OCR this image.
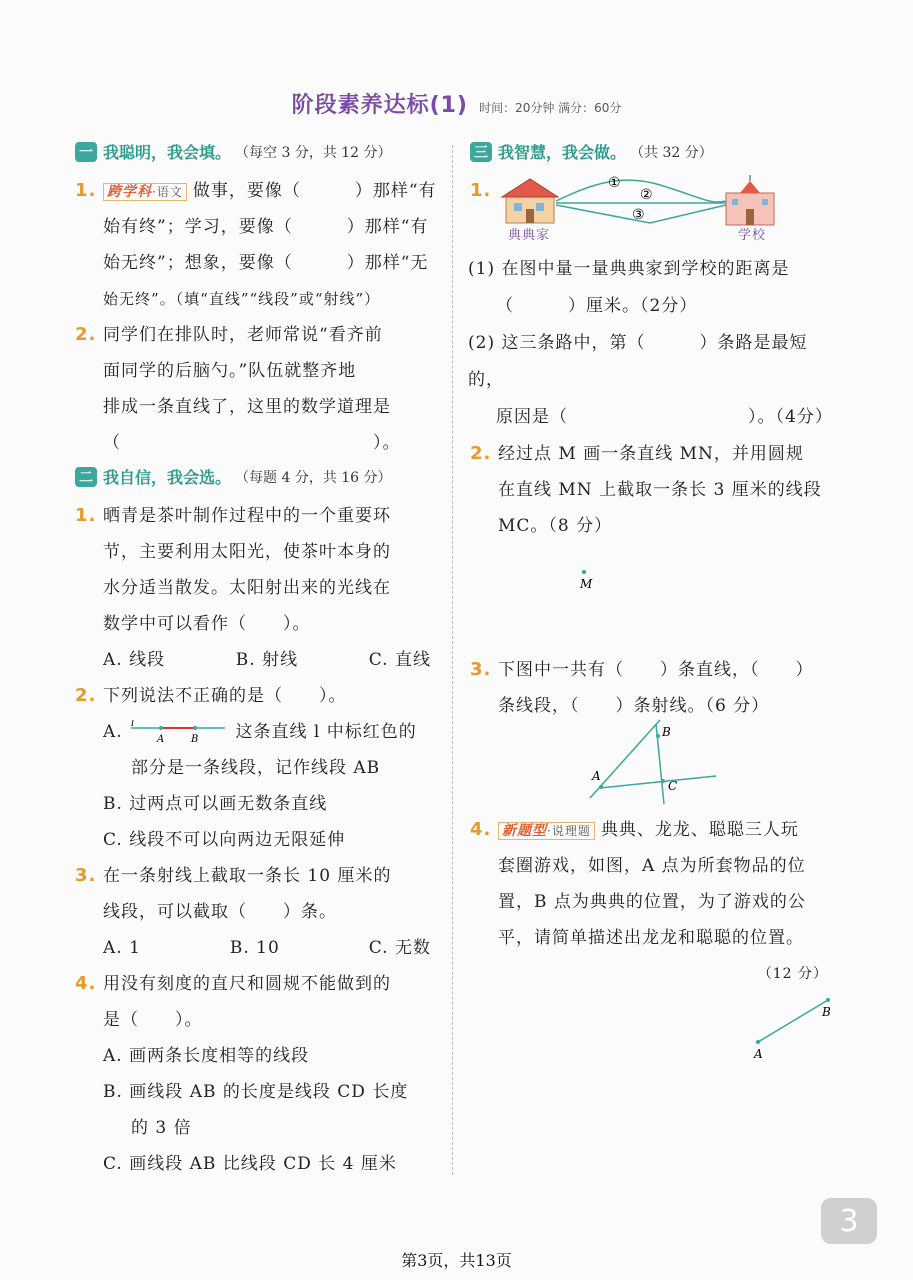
阶段素养达标(1) 时间：20分钟 满分：60分
一 我聪明，我会填。 （每空 3 分，共 12 分）
1. 跨学科·语文 做事，要像（　　　）那样“有
始有终”；学习，要像（　　　）那样“有
始无终”；想象，要像（　　　）那样“无
始无终”。（填“直线”“线段”或“射线”）
2. 同学们在排队时，老师常说“看齐前
面同学的后脑勺。”队伍就整齐地
排成一条直线了，这里的数学道理是
（　　　　　　　　　　　　　　）。
二 我自信，我会选。 （每题 4 分，共 16 分）
1. 晒青是茶叶制作过程中的一个重要环
节，主要利用太阳光，使茶叶本身的
水分适当散发。太阳射出来的光线在
数学中可以看作（　　）。
A. 线段	B. 射线	C. 直线
2. 下列说法不正确的是（　　）。
A. l
A	B 这条直线 l 中标红色的
部分是一条线段，记作线段 AB
B. 过两点可以画无数条直线
C. 线段不可以向两边无限延伸
3. 在一条射线上截取一条长 10 厘米的
线段，可以截取（　　）条。
A. 1	B. 10	C. 无数
4. 用没有刻度的直尺和圆规不能做到的
是（　　）。
A. 画两条长度相等的线段
B. 画线段 AB 的长度是线段 CD 长度
的 3 倍
C. 画线段 AB 比线段 CD 长 4 厘米
三 我智慧，我会做。 （共 32 分）
1.
典典家	学校
①
②
③
(1) 在图中量一量典典家到学校的距离是
（　　　）厘米。（2分）
(2) 这三条路中，第（　　　）条路是最短的，
原因是（　　　　　　　　　　）。（4分）
2. 经过点 M 画一条直线 MN，并用圆规
在直线 MN 上截取一条长 3 厘米的线段
MC。（8 分）
M
3. 下图中一共有（　　）条直线，（　　）
条线段，（　　）条射线。（6 分）
A
B
C
4. 新题型·说理题 典典、龙龙、聪聪三人玩
套圈游戏，如图，A 点为所套物品的位
置，B 点为典典的位置，为了游戏的公
平，请简单描述出龙龙和聪聪的位置。
（12 分）
A
B
3
第3页，共13页
